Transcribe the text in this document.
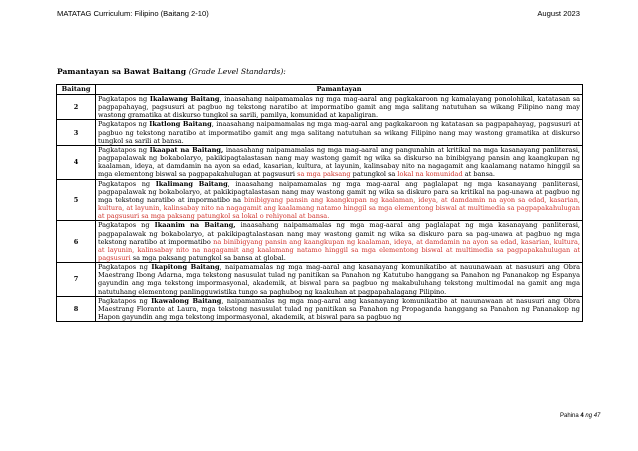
MATATAG Curriculum: Filipino (Baitang 2-10)	August 2023
Pamantayan sa Bawat Baitang (Grade Level Standards):
Baitang	Pamantayan
2	Pagkatapos ng Ikalawang Baitang, inaasahang naipamamalas ng mga mag-aaral ang pagkakaroon ng kamalayang ponolohikal, katatasan sa pagpapahayag, pagsusuri at pagbuo ng tekstong naratibo at impormatibo gamit ang mga salitang natutuhan sa wikang Filipino nang may wastong gramatika at diskurso tungkol sa sarili, pamilya, komunidad at kapaligiran.
3	Pagkatapos ng Ikatlong Baitang, inaasahang naipamamalas ng mga mag-aaral ang pagkakaroon ng katatasan sa pagpapahayag, pagsusuri at pagbuo ng tekstong naratibo at impormatibo gamit ang mga salitang natutuhan sa wikang Filipino nang may wastong gramatika at diskurso tungkol sa sarili at bansa.
4	Pagkatapos ng Ikaapat na Baitang, inaasahang naipamamalas ng mga mag-aaral ang pangunahin at kritikal na mga kasanayang panliterasi, pagpapalawak ng bokabolaryo, pakikipagtalastasan nang may wastong gamit ng wika sa diskurso na binibigyang pansin ang kaangkupan ng kaalaman, ideya, at damdamin na ayon sa edad, kasarian, kultura, at layunin, kalinsabay nito na nagagamit ang kaalamang natamo hinggil sa mga elementong biswal sa pagpapakahulugan at pagsusuri sa mga paksang patungkol sa lokal na komunidad at bansa.
5	Pagkatapos ng Ikalimang Baitang, inaasahang naipamamalas ng mga mag-aaral ang paglalapat ng mga kasanayang panliterasi, pagpapalawak ng bokabolaryo, at pakikipagtalastasan nang may wastong gamit ng wika sa diskuro para sa kritikal na pag-unawa at pagbuo ng mga tekstong naratibo at impormatibo na binibigyang pansin ang kaangkupan ng kaalaman, ideya, at damdamin na ayon sa edad, kasarian, kultura, at layunin, kalinsabay nito na nagagamit ang kaalamang natamo hinggil sa mga elementong biswal at multimedia sa pagpapakahulugan at pagsusuri sa mga paksang patungkol sa lokal o rehiyonal at bansa.
6	Pagkatapos ng Ikaanim na Baitang, inaasahang naipamamalas ng mga mag-aaral ang paglalapat ng mga kasanayang panliterasi, pagpapalawak ng bokabolaryo, at pakikipagtalastasan nang may wastong gamit ng wika sa diskuro para sa pag-unawa at pagbuo ng mga tekstong naratibo at impormatibo na binibigyang pansin ang kaangkupan ng kaalaman, ideya, at damdamin na ayon sa edad, kasarian, kultura, at layunin, kalinsabay nito na nagagamit ang kaalamang natamo hinggil sa mga elementong biswal at multimedia sa pagpapakahulugan at pagsusuri sa mga paksang patungkol sa bansa at global.
7	Pagkatapos ng Ikapitong Baitang, naipamamalas ng mga mag-aaral ang kasanayang komunikatibo at nauunawaan at nasusuri ang Obra Maestrang Ibong Adarna, mga tekstong nasusulat tulad ng panitikan sa Panahon ng Katutubo hanggang sa Panahon ng Pananakop ng Espanya gayundin ang mga tekstong impormasyonal, akademik, at biswal para sa pagbuo ng makabuluhang tekstong multimodal na gamit ang mga natutuhang elementong panlingguwistika tungo sa paghubog ng kaakuhan at pagpapahalagang Pilipino.
8	Pagkatapos ng Ikawalong Baitang, naipamamalas ng mga mag-aaral ang kasanayang komunikatibo at nauunawaan at nasusuri ang Obra Maestrang Florante at Laura, mga tekstong nasusulat tulad ng panitikan sa Panahon ng Propaganda hanggang sa Panahon ng Pananakop ng Hapon gayundin ang mga tekstong impormasyonal, akademik, at biswal para sa pagbuo ng
Pahina 4 ng 47
